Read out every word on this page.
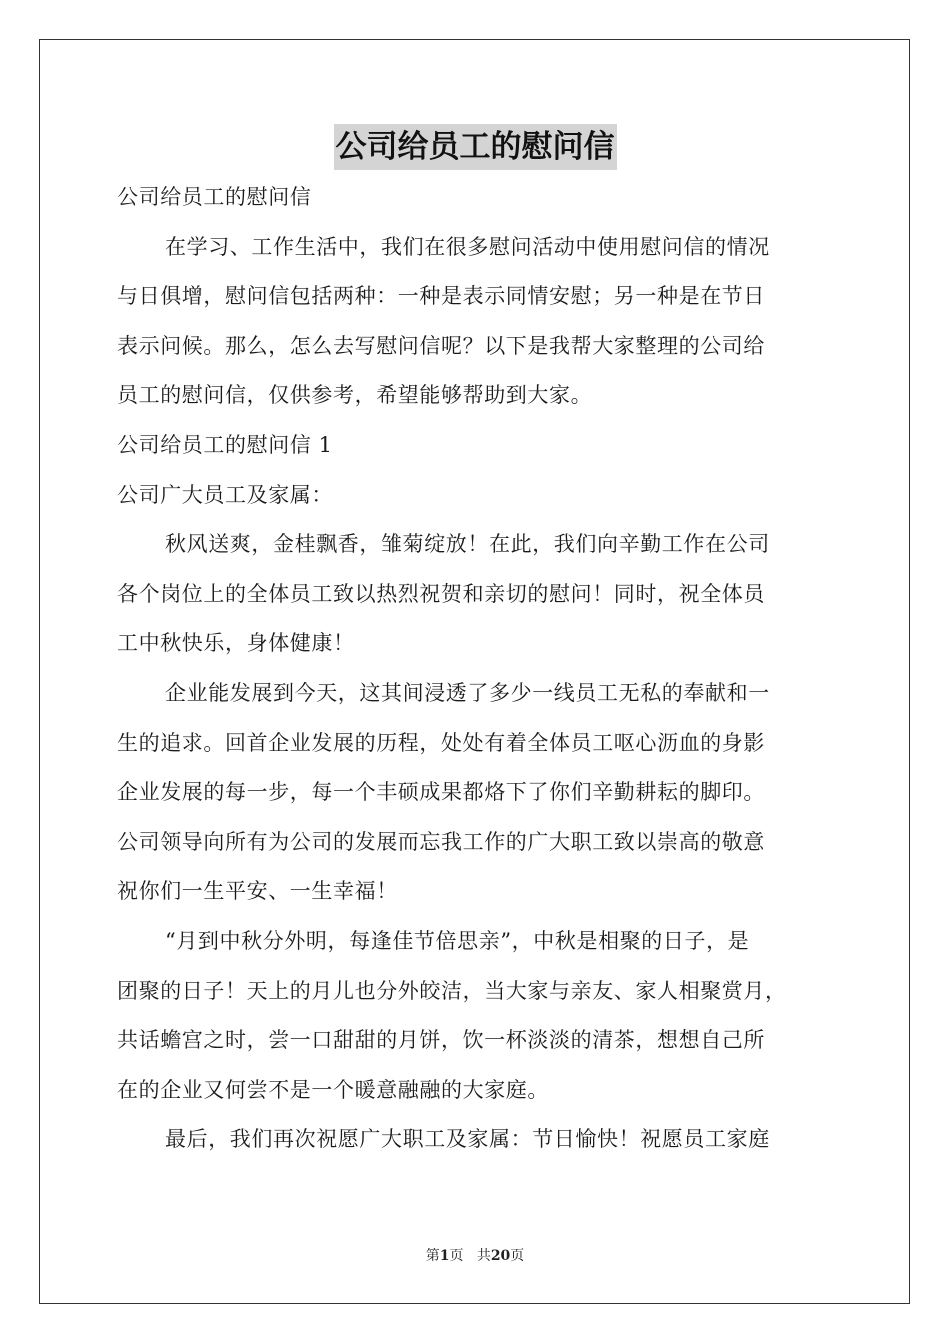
公司给员工的慰问信
公司给员工的慰问信
在学习、工作生活中，我们在很多慰问活动中使用慰问信的情况
与日俱增，慰问信包括两种：一种是表示同情安慰；另一种是在节日
表示问候。那么，怎么去写慰问信呢？以下是我帮大家整理的公司给
员工的慰问信，仅供参考，希望能够帮助到大家。
公司给员工的慰问信 1
公司广大员工及家属：
秋风送爽，金桂飘香，雏菊绽放！在此，我们向辛勤工作在公司
各个岗位上的全体员工致以热烈祝贺和亲切的慰问！同时，祝全体员
工中秋快乐，身体健康！
企业能发展到今天，这其间浸透了多少一线员工无私的奉献和一
生的追求。回首企业发展的历程，处处有着全体员工呕心沥血的身影
企业发展的每一步，每一个丰硕成果都烙下了你们辛勤耕耘的脚印。
公司领导向所有为公司的发展而忘我工作的广大职工致以崇高的敬意
祝你们一生平安、一生幸福！
“月到中秋分外明，每逢佳节倍思亲”，中秋是相聚的日子，是
团聚的日子！天上的月儿也分外皎洁，当大家与亲友、家人相聚赏月，
共话蟾宫之时，尝一口甜甜的月饼，饮一杯淡淡的清茶，想想自己所
在的企业又何尝不是一个暖意融融的大家庭。
最后，我们再次祝愿广大职工及家属：节日愉快！祝愿员工家庭
第1页 共20页
